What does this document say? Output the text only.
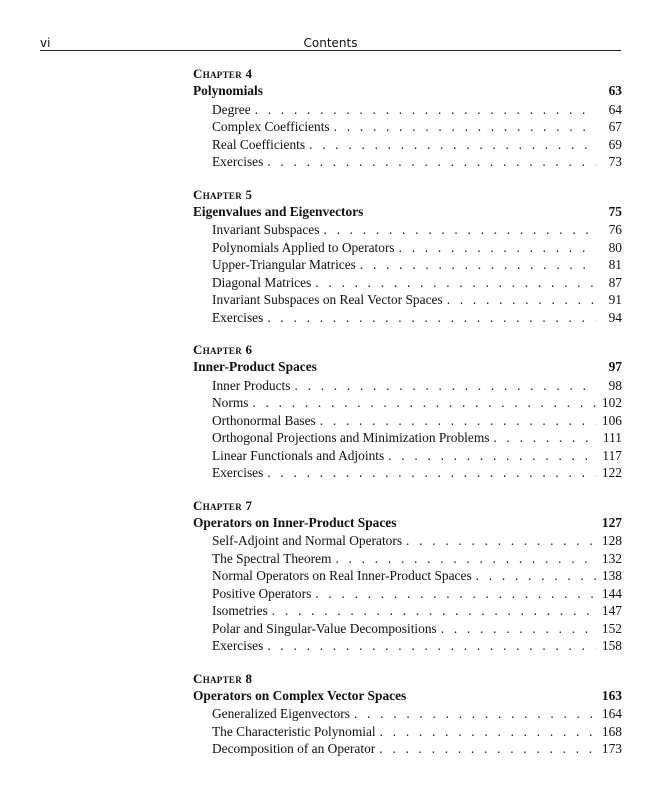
vi	Contents
Chapter 4
Polynomials	63
Degree . . .	64
Complex Coefficients . . .	67
Real Coefficients . . .	69
Exercises . . .	73
Chapter 5
Eigenvalues and Eigenvectors	75
Invariant Subspaces . . .	76
Polynomials Applied to Operators . . .	80
Upper-Triangular Matrices . . .	81
Diagonal Matrices . . .	87
Invariant Subspaces on Real Vector Spaces . . .	91
Exercises . . .	94
Chapter 6
Inner-Product Spaces	97
Inner Products . . .	98
Norms . . .	102
Orthonormal Bases . . .	106
Orthogonal Projections and Minimization Problems . . .	111
Linear Functionals and Adjoints . . .	117
Exercises . . .	122
Chapter 7
Operators on Inner-Product Spaces	127
Self-Adjoint and Normal Operators . . .	128
The Spectral Theorem . . .	132
Normal Operators on Real Inner-Product Spaces . . .	138
Positive Operators . . .	144
Isometries . . .	147
Polar and Singular-Value Decompositions . . .	152
Exercises . . .	158
Chapter 8
Operators on Complex Vector Spaces	163
Generalized Eigenvectors . . .	164
The Characteristic Polynomial . . .	168
Decomposition of an Operator . . .	173
